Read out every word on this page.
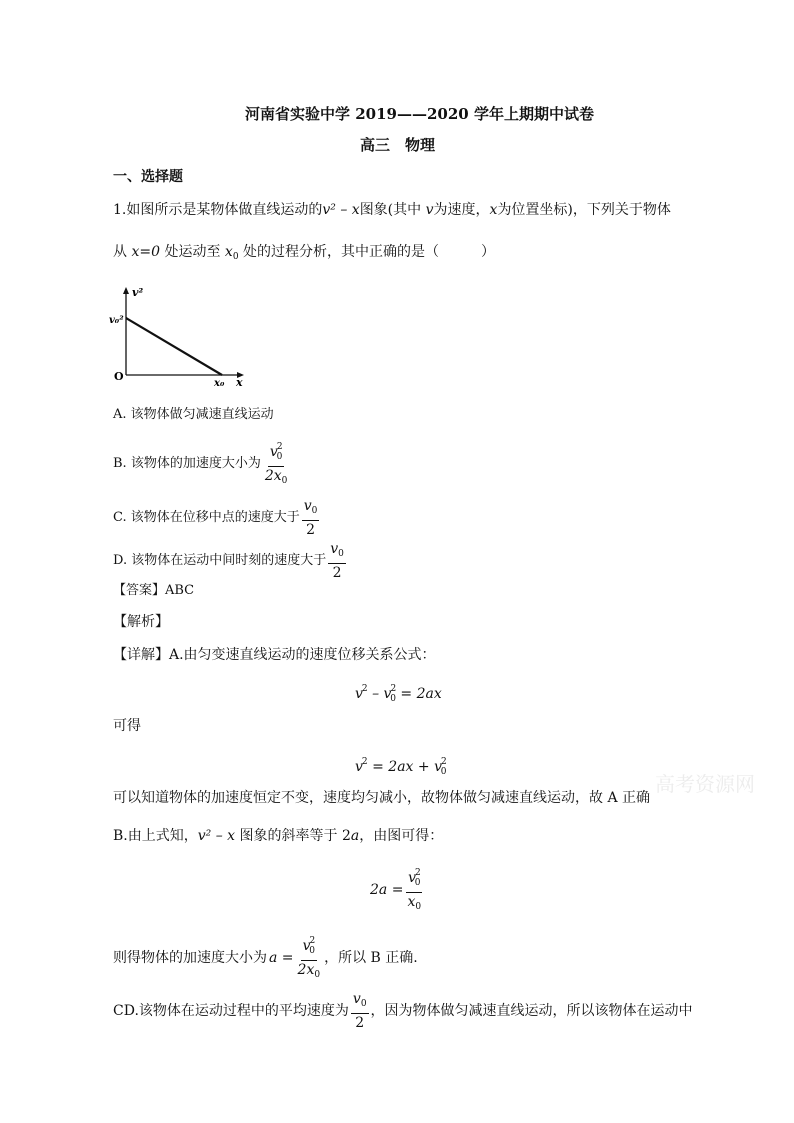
河南省实验中学 2019——2020 学年上期期中试卷
高三　物理
一、选择题
1.如图所示是某物体做直线运动的v² – x图象(其中 v为速度，x为位置坐标)，下列关于物体
从 x=0 处运动至 $x_0$ 处的过程分析，其中正确的是（　　　）
v²
v₀²
O
x₀ x
A. 该物体做匀减速直线运动
B. 该物体的加速度大小为 $\frac{v^2_0}{2x_0}$
C. 该物体在位移中点的速度大于 $\frac{v_0}{2}$
D. 该物体在运动中间时刻的速度大于 $\frac{v_0}{2}$
【答案】ABC
【解析】
【详解】A.由匀变速直线运动的速度位移关系公式：
$v^2 - v^2_0 = 2ax$
可得
$v^2 = 2ax + v^2_0$	高考资源网
可以知道物体的加速度恒定不变，速度均匀减小，故物体做匀减速直线运动，故 A 正确
B.由上式知，v² – x 图象的斜率等于 2a，由图可得：
$2a = \frac{v^2_0}{x_0}$
则得物体的加速度大小为 $a = \frac{v^2_0}{2x_0}$ ，所以 B 正确.
CD.该物体在运动过程中的平均速度为 $\frac{v_0}{2}$ ，因为物体做匀减速直线运动，所以该物体在运动中
